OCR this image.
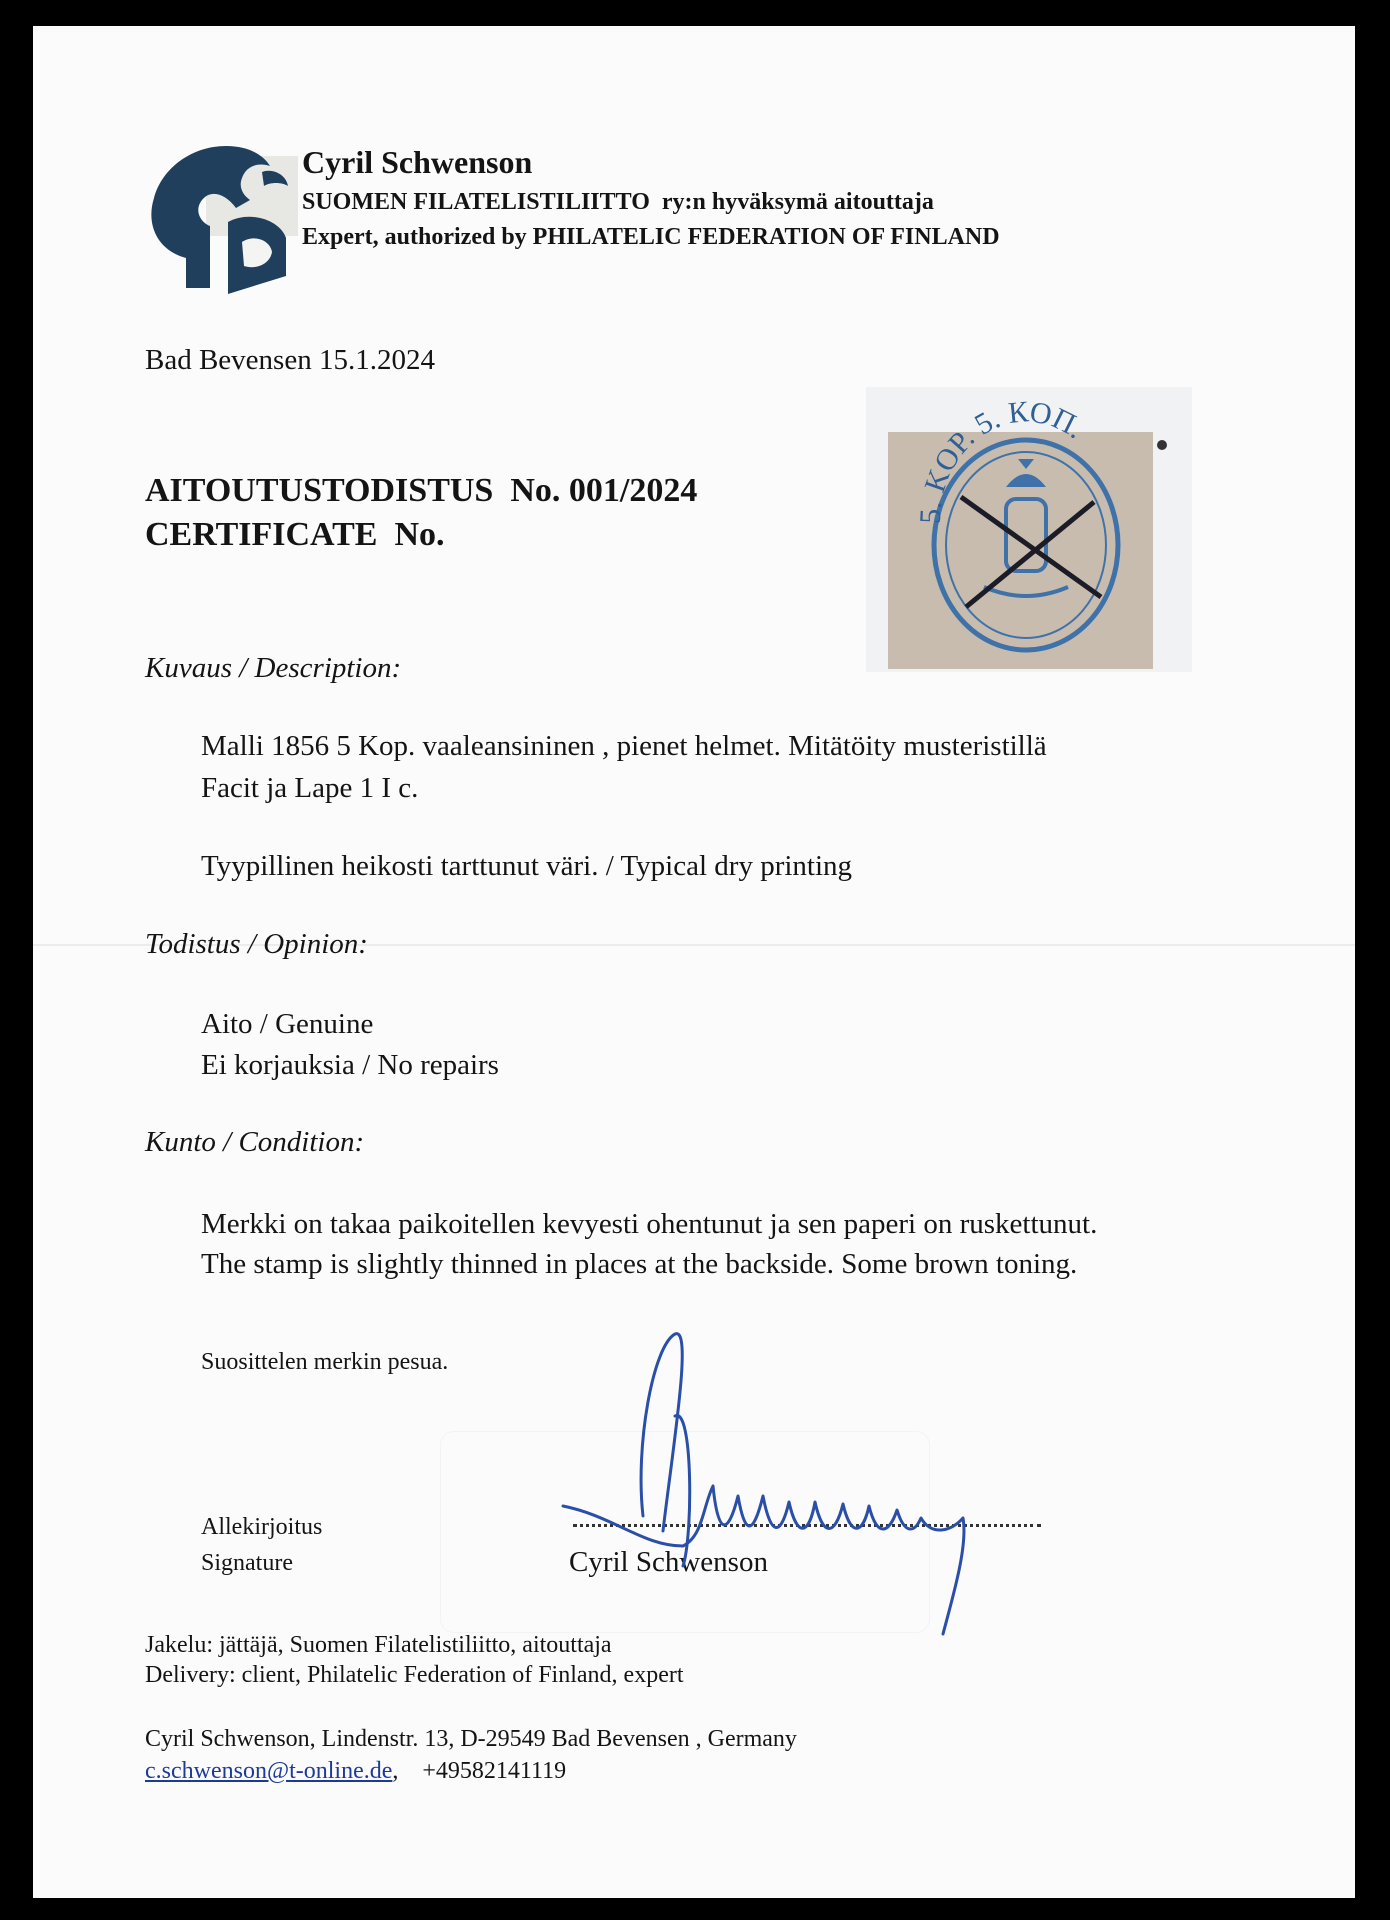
Cyril Schwenson
SUOMEN FILATELISTILIITTO ry:n hyväksymä aitouttaja
Expert, authorized by PHILATELIC FEDERATION OF FINLAND
Bad Bevensen 15.1.2024
AITOUTUSTODISTUS No. 001/2024
CERTIFICATE No.	5. KOP. 5. КОП.
Kuvaus / Description:
Malli 1856 5 Kop. vaaleansininen , pienet helmet. Mitätöity musteristillä
Facit ja Lape 1 I c.
Tyypillinen heikosti tarttunut väri. / Typical dry printing
Todistus / Opinion:
Aito / Genuine
Ei korjauksia / No repairs
Kunto / Condition:
Merkki on takaa paikoitellen kevyesti ohentunut ja sen paperi on ruskettunut.
The stamp is slightly thinned in places at the backside. Some brown toning.
Suosittelen merkin pesua.
Allekirjoitus
Signature	Cyril Schwenson
Jakelu: jättäjä, Suomen Filatelistiliitto, aitouttaja
Delivery: client, Philatelic Federation of Finland, expert
Cyril Schwenson, Lindenstr. 13, D-29549 Bad Bevensen , Germany
c.schwenson@t-online.de,    +49582141119
